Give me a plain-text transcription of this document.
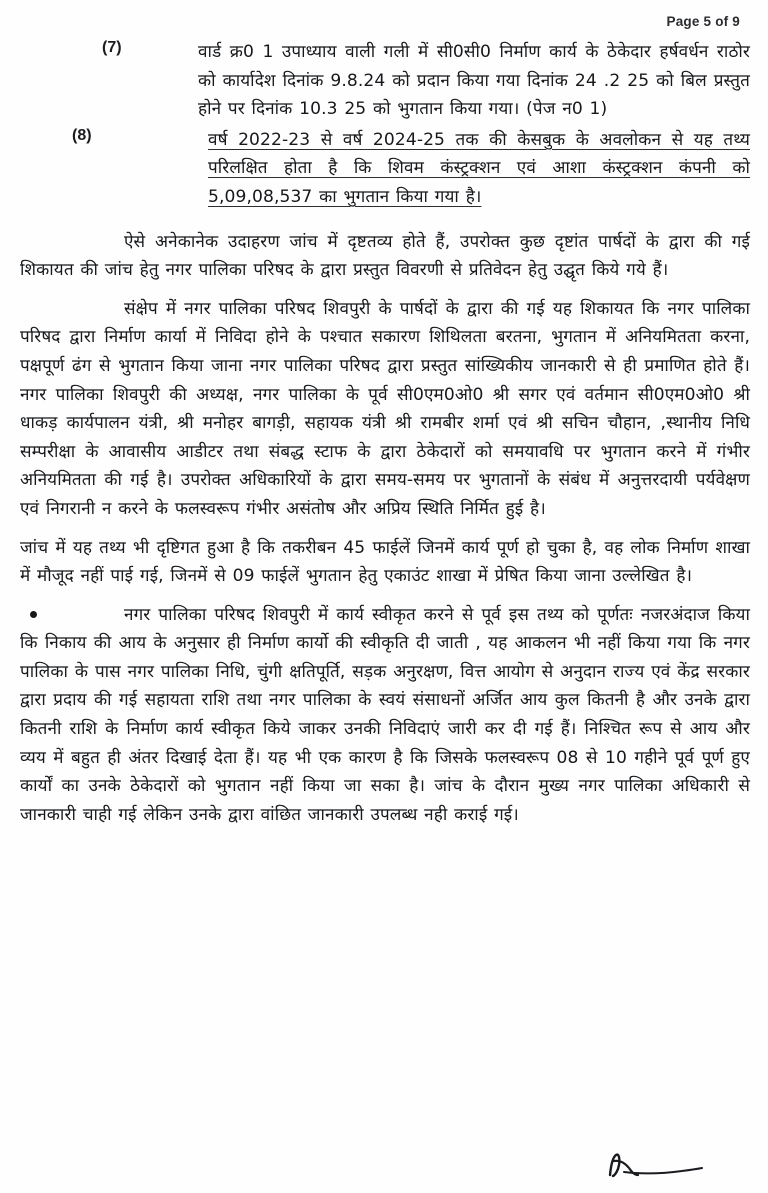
Page 5 of 9
(7)	वार्ड क्र0 1 उपाध्याय वाली गली में सी0सी0 निर्माण कार्य के ठेकेदार हर्षवर्धन राठोर को कार्यादेश दिनांक 9.8.24 को प्रदान किया गया दिनांक 24 .2 25 को बिल प्रस्तुत होने पर दिनांक 10.3 25 को भुगतान किया गया। (पेज न0 1)
(8)	वर्ष 2022-23 से वर्ष 2024-25 तक की केसबुक के अवलोकन से यह तथ्य परिलक्षित होता है कि शिवम कंस्ट्रक्शन एवं आशा कंस्ट्रक्शन कंपनी को 5,09,08,537 का भुगतान किया गया है।

ऐसे अनेकानेक उदाहरण जांच में दृष्टतव्य होते हैं, उपरोक्त कुछ दृष्टांत पार्षदों के द्वारा की गई शिकायत की जांच हेतु नगर पालिका परिषद के द्वारा प्रस्तुत विवरणी से प्रतिवेदन हेतु उद्घृत किये गये हैं।

संक्षेप में नगर पालिका परिषद शिवपुरी के पार्षदों के द्वारा की गई यह शिकायत कि नगर पालिका परिषद द्वारा निर्माण कार्या में निविदा होने के पश्चात सकारण शिथिलता बरतना, भुगतान में अनियमितता करना, पक्षपूर्ण ढंग से भुगतान किया जाना नगर पालिका परिषद द्वारा प्रस्तुत सांख्यिकीय जानकारी से ही प्रमाणित होते हैं। नगर पालिका शिवपुरी की अध्यक्ष, नगर पालिका के पूर्व सी0एम0ओ0 श्री सगर एवं वर्तमान सी0एम0ओ0 श्री धाकड़ कार्यपालन यंत्री, श्री मनोहर बागड़ी, सहायक यंत्री श्री रामबीर शर्मा एवं श्री सचिन चौहान, ,स्थानीय निधि सम्परीक्षा के आवासीय आडीटर तथा संबद्ध स्टाफ के द्वारा ठेकेदारों को समयावधि पर भुगतान करने में गंभीर अनियमितता की गई है। उपरोक्त अधिकारियों के द्वारा समय-समय पर भुगतानों के संबंध में अनुत्तरदायी पर्यवेक्षण एवं निगरानी न करने के फलस्वरूप गंभीर असंतोष और अप्रिय स्थिति निर्मित हुई है।

जांच में यह तथ्य भी दृष्टिगत हुआ है कि तकरीबन 45 फाईलें जिनमें कार्य पूर्ण हो चुका है, वह लोक निर्माण शाखा में मौजूद नहीं पाई गई, जिनमें से 09 फाईलें भुगतान हेतु एकाउंट शाखा में प्रेषित किया जाना उल्लेखित है।

नगर पालिका परिषद शिवपुरी में कार्य स्वीकृत करने से पूर्व इस तथ्य को पूर्णतः नजरअंदाज किया कि निकाय की आय के अनुसार ही निर्माण कार्यो की स्वीकृति दी जाती , यह आकलन भी नहीं किया गया कि नगर पालिका के पास नगर पालिका निधि, चुंगी क्षतिपूर्ति, सड़क अनुरक्षण, वित्त आयोग से अनुदान राज्य एवं केंद्र सरकार द्वारा प्रदाय की गई सहायता राशि तथा नगर पालिका के स्वयं संसाधनों अर्जित आय कुल कितनी है और उनके द्वारा कितनी राशि के निर्माण कार्य स्वीकृत किये जाकर उनकी निविदाएं जारी कर दी गई हैं। निश्चित रूप से आय और व्यय में बहुत ही अंतर दिखाई देता हैं। यह भी एक कारण है कि जिसके फलस्वरूप 08 से 10 गहीने पूर्व पूर्ण हुए कार्यों का उनके ठेकेदारों को भुगतान नहीं किया जा सका है। जांच के दौरान मुख्य नगर पालिका अधिकारी से जानकारी चाही गई लेकिन उनके द्वारा वांछित जानकारी उपलब्ध नही कराई गई।
